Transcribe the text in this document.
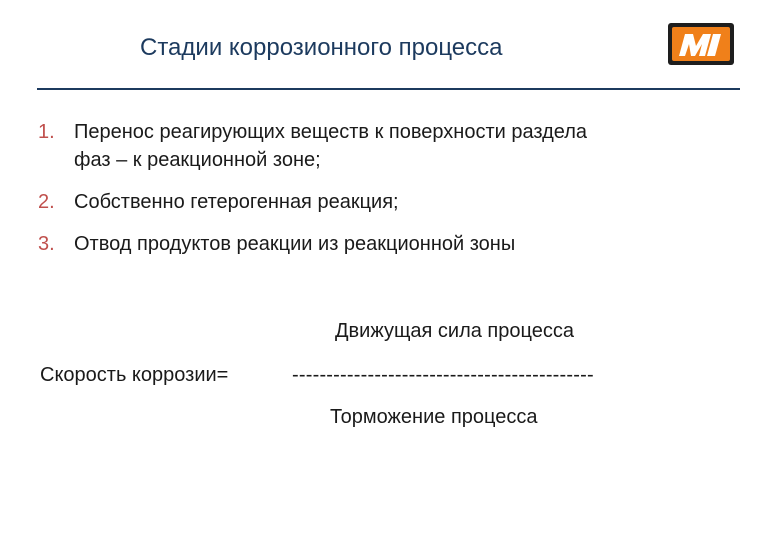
Стадии коррозионного процесса
1. Перенос реагирующих веществ к поверхности раздела
фаз – к реакционной зоне;
2. Собственно гетерогенная реакция;
3. Отвод продуктов реакции из реакционной зоны
Движущая сила процесса
Скорость коррозии=	--------------------------------------------
Торможение процесса
